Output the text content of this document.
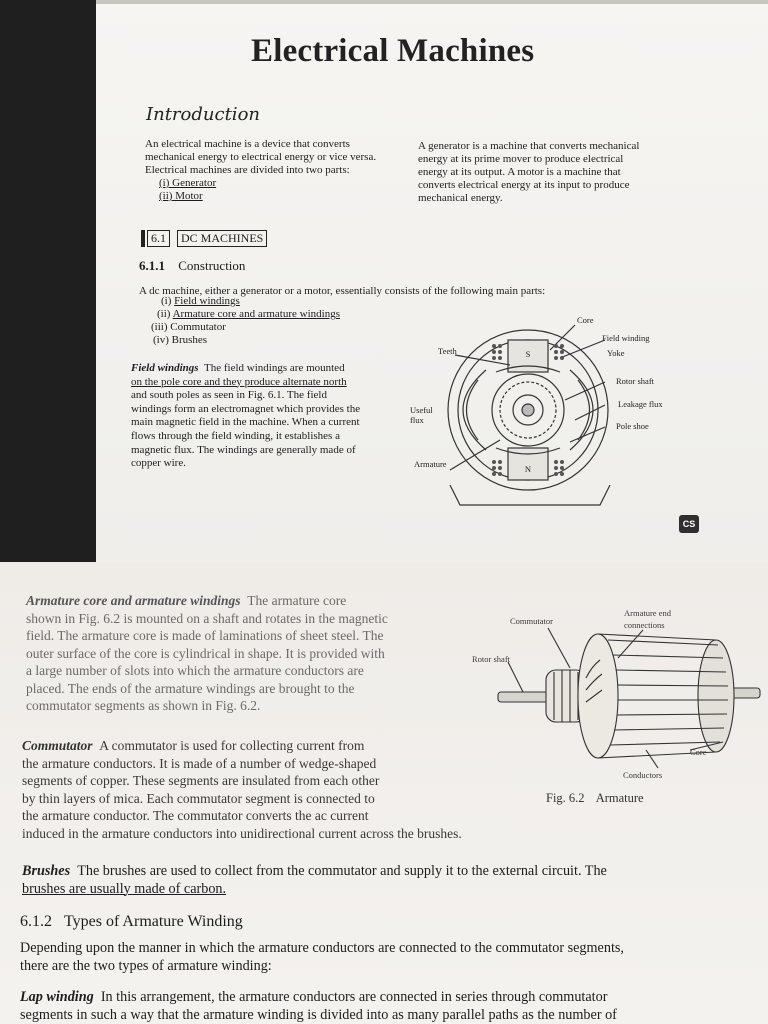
Electrical Machines
Introduction
An electrical machine is a device that converts
mechanical energy to electrical energy or vice versa.
Electrical machines are divided into two parts:
(i) Generator
(ii) Motor
A generator is a machine that converts mechanical
energy at its prime mover to produce electrical
energy at its output. A motor is a machine that
converts electrical energy at its input to produce
mechanical energy.
6.1 DC MACHINES
6.1.1 Construction
A dc machine, either a generator or a motor, essentially consists of the following main parts:
(i) Field windings
(ii) Armature core and armature windings
(iii) Commutator
(iv) Brushes
Field windings The field windings are mounted
on the pole core and they produce alternate north
and south poles as seen in Fig. 6.1. The field
windings form an electromagnet which provides the
main magnetic field in the machine. When a current
flows through the field winding, it establishes a
magnetic flux. The windings are generally made of
copper wire.
S
N
Core
Field winding
Yoke
Teeth
Rotor shaft
Leakage flux
Useful
flux
Pole shoe
Armature
CS
Armature core and armature windings The armature core
shown in Fig. 6.2 is mounted on a shaft and rotates in the magnetic
field. The armature core is made of laminations of sheet steel. The
outer surface of the core is cylindrical in shape. It is provided with
a large number of slots into which the armature conductors are
placed. The ends of the armature windings are brought to the
commutator segments as shown in Fig. 6.2.
Commutator A commutator is used for collecting current from
the armature conductors. It is made of a number of wedge-shaped
segments of copper. These segments are insulated from each other
by thin layers of mica. Each commutator segment is connected to
the armature conductor. The commutator converts the ac current
induced in the armature conductors into unidirectional current across the brushes.
Brushes The brushes are used to collect from the commutator and supply it to the external circuit. The
brushes are usually made of carbon.
6.1.2 Types of Armature Winding
Depending upon the manner in which the armature conductors are connected to the commutator segments,
there are the two types of armature winding:
Lap winding In this arrangement, the armature conductors are connected in series through commutator
segments in such a way that the armature winding is divided into as many parallel paths as the number of
Commutator
Armature end
connections
Rotor shaft
Core
Conductors
Fig. 6.2 Armature
